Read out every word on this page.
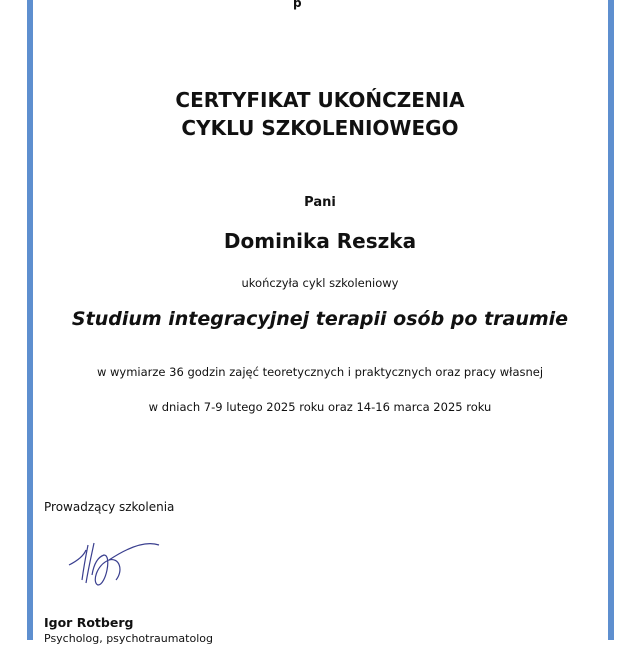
p
CERTYFIKAT UKOŃCZENIA
CYKLU SZKOLENIOWEGO
Pani
Dominika Reszka
ukończyła cykl szkoleniowy
Studium integracyjnej terapii osób po traumie
w wymiarze 36 godzin zajęć teoretycznych i praktycznych oraz pracy własnej
w dniach 7-9 lutego 2025 roku oraz 14-16 marca 2025 roku
Prowadzący szkolenia
Igor Rotberg
Psycholog, psychotraumatolog
